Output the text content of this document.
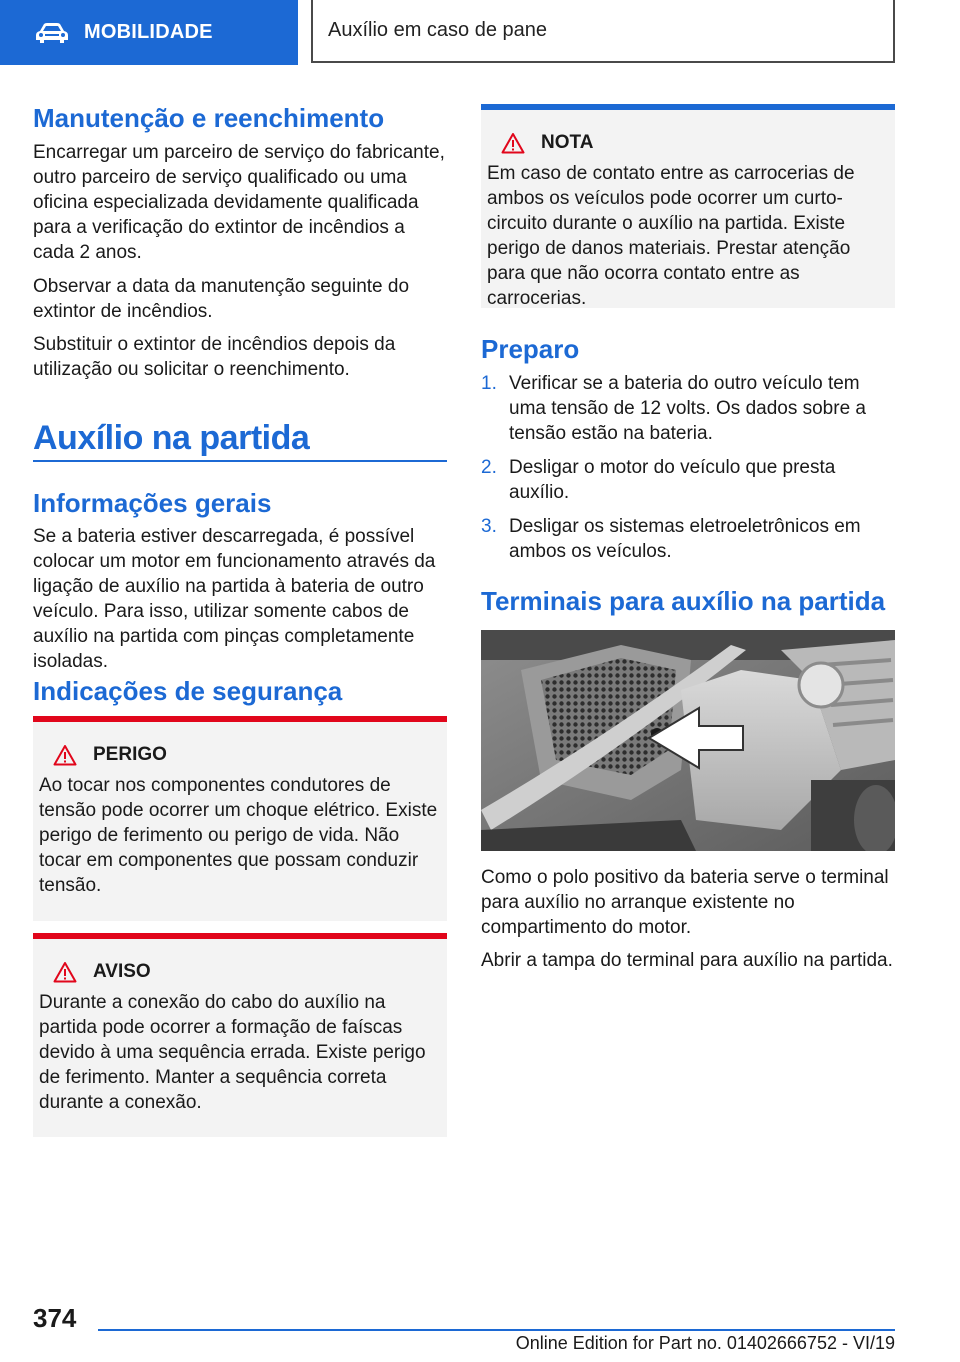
MOBILIDADE	Auxílio em caso de pane
Manutenção e reenchimento

Encarregar um parceiro de serviço do fabricante, outro parceiro de serviço qualificado ou uma oficina especializada devidamente qualificada para a verificação do extintor de incêndios a cada 2 anos.

Observar a data da manutenção seguinte do extintor de incêndios.

Substituir o extintor de incêndios depois da utilização ou solicitar o reenchimento.

Auxílio na partida
Informações gerais

Se a bateria estiver descarregada, é possível colocar um motor em funcionamento através da ligação de auxílio na partida à bateria de outro veículo. Para isso, utilizar somente cabos de auxílio na partida com pinças completamente isoladas.

Indicações de segurança
PERIGO
Ao tocar nos componentes condutores de tensão pode ocorrer um choque elétrico. Existe perigo de ferimento ou perigo de vida. Não tocar em componentes que possam conduzir tensão.
AVISO
Durante a conexão do cabo do auxílio na partida pode ocorrer a formação de faíscas devido à uma sequência errada. Existe perigo de ferimento. Manter a sequência correta durante a conexão.
NOTA
Em caso de contato entre as carrocerias de ambos os veículos pode ocorrer um curto-circuito durante o auxílio na partida. Existe perigo de danos materiais. Prestar atenção para que não ocorra contato entre as carrocerias.
Preparo
1. Verificar se a bateria do outro veículo tem uma tensão de 12 volts. Os dados sobre a tensão estão na bateria.
2. Desligar o motor do veículo que presta auxílio.
3. Desligar os sistemas eletroeletrônicos em ambos os veículos.
Terminais para auxílio na partida

Como o polo positivo da bateria serve o terminal para auxílio no arranque existente no compartimento do motor.

Abrir a tampa do terminal para auxílio na partida.

374
Online Edition for Part no. 01402666752 - VI/19
